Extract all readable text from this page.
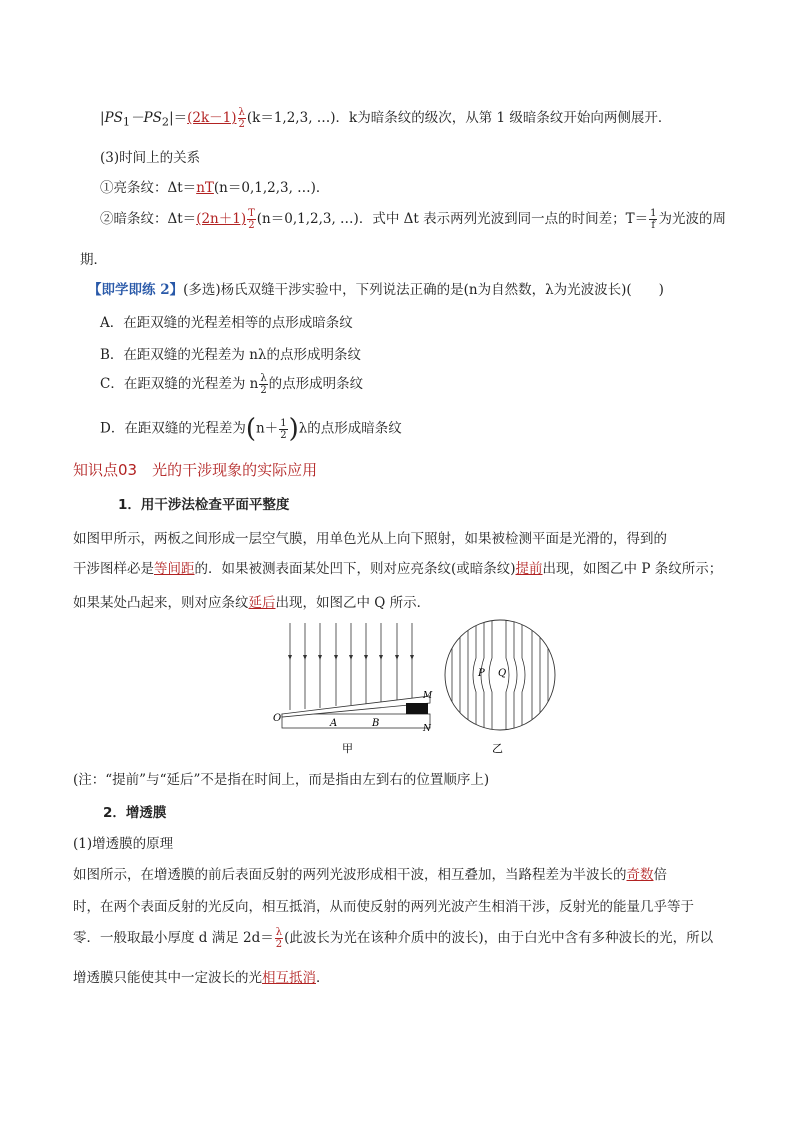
$|PS_1-PS_2|=(2k-1) \frac{\lambda}{2} (k=1,2,3$, …)．k为暗条纹的级次，从第 1 级暗条纹开始向两侧展开．
(3)时间上的关系
①亮条纹：Δt＝nT(n＝0,1,2,3, …)．
②暗条纹：$\Delta t=(2n+1) \frac{T}{2} (n=0,1,2,3$, …)．式中 Δt 表示两列光波到同一点的时间差；$T= \frac{1}{f}$ 为光波的周
期．
【即学即练 2】(多选)杨氏双缝干涉实验中，下列说法正确的是(n为自然数，λ为光波波长)(　　)
A．在距双缝的光程差相等的点形成暗条纹
B．在距双缝的光程差为 nλ的点形成明条纹
C．在距双缝的光程差为 n $\frac{\lambda}{2}$ 的点形成明条纹
D．在距双缝的光程差为$(n+ \frac{1}{2} )\lambda$的点形成暗条纹
知识点03　光的干涉现象的实际应用
1．用干涉法检查平面平整度
如图甲所示，两板之间形成一层空气膜，用单色光从上向下照射，如果被检测平面是光滑的，得到的
干涉图样必是等间距的．如果被测表面某处凹下，则对应亮条纹(或暗条纹)提前出现，如图乙中 P 条纹所示；
如果某处凸起来，则对应条纹延后出现，如图乙中 Q 所示．
O	A	B
M
N
甲
P Q
乙
(注：“提前”与“延后”不是指在时间上，而是指由左到右的位置顺序上)
2．增透膜
(1)增透膜的原理
如图所示，在增透膜的前后表面反射的两列光波形成相干波，相互叠加，当路程差为半波长的奇数倍
时，在两个表面反射的光反向，相互抵消，从而使反射的两列光波产生相消干涉，反射光的能量几乎等于
零．一般取最小厚度 d 满足 $2d= \frac{\lambda}{2}$ (此波长为光在该种介质中的波长)，由于白光中含有多种波长的光，所以
增透膜只能使其中一定波长的光相互抵消．
